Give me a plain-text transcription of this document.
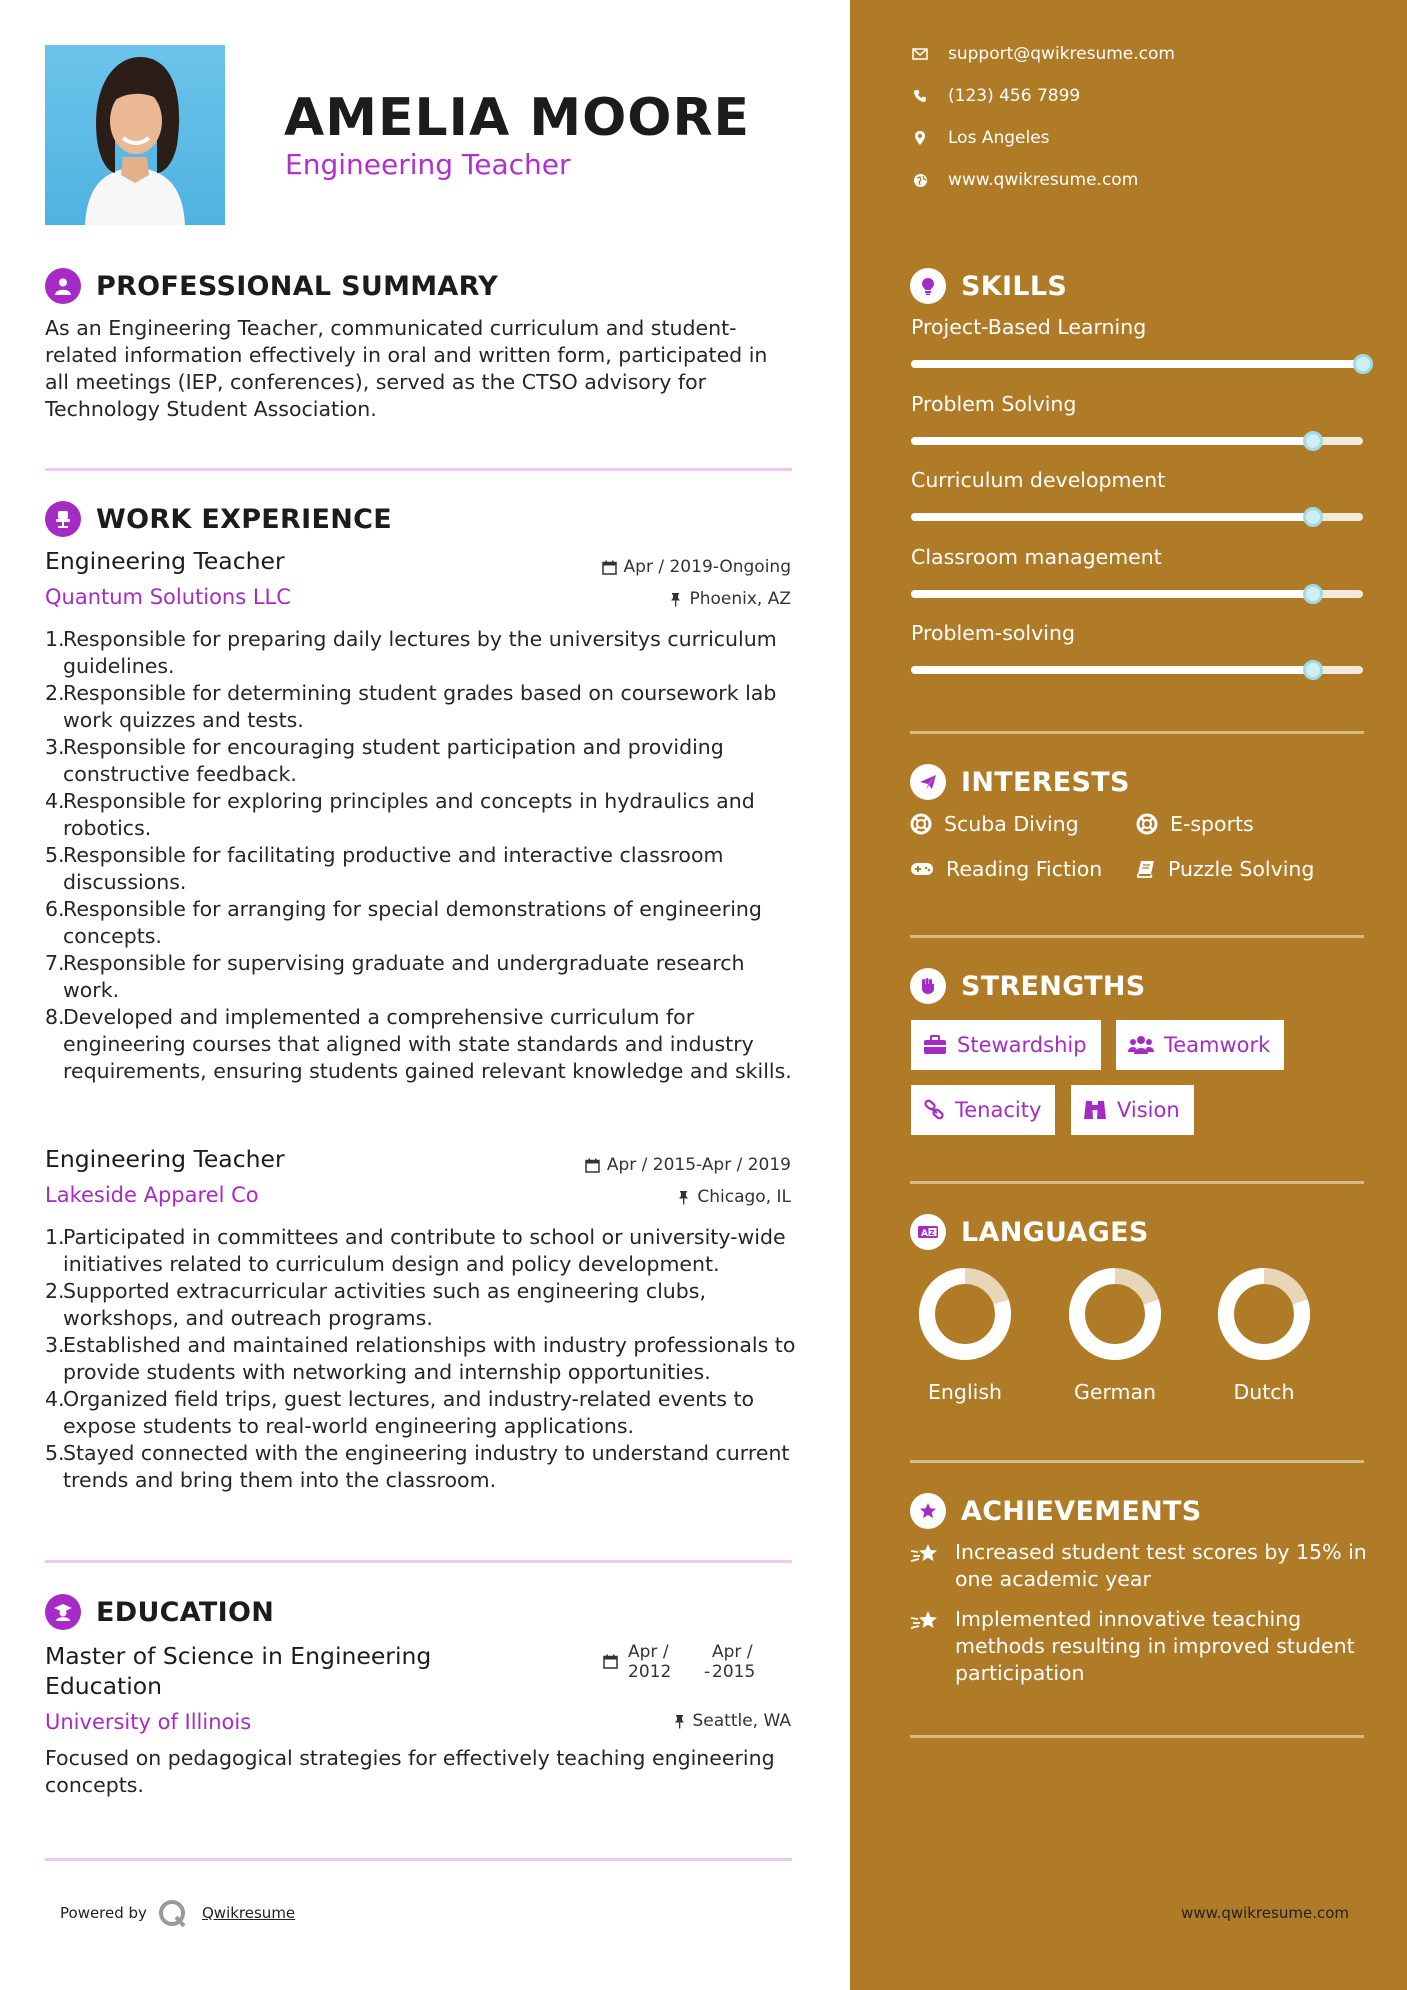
AMELIA MOORE
Engineering Teacher
PROFESSIONAL SUMMARY
As an Engineering Teacher, communicated curriculum and student-related information effectively in oral and written form, participated in all meetings (IEP, conferences), served as the CTSO advisory for Technology Student Association.
WORK EXPERIENCE
Engineering Teacher
Quantum Solutions LLC
Apr / 2019-Ongoing
Phoenix, AZ
1.
Responsible for preparing daily lectures by the universitys curriculum guidelines.
2.
Responsible for determining student grades based on coursework lab work quizzes and tests.
3.
Responsible for encouraging student participation and providing constructive feedback.
4.
Responsible for exploring principles and concepts in hydraulics and robotics.
5.
Responsible for facilitating productive and interactive classroom discussions.
6.
Responsible for arranging for special demonstrations of engineering concepts.
7.
Responsible for supervising graduate and undergraduate research work.
8.
Developed and implemented a comprehensive curriculum for engineering courses that aligned with state standards and industry requirements, ensuring students gained relevant knowledge and skills.
Engineering Teacher
Lakeside Apparel Co
Apr / 2015-Apr / 2019
Chicago, IL
1.
Participated in committees and contribute to school or university-wide initiatives related to curriculum design and policy development.
2.
Supported extracurricular activities such as engineering clubs, workshops, and outreach programs.
3.
Established and maintained relationships with industry professionals to provide students with networking and internship opportunities.
4.
Organized field trips, guest lectures, and industry-related events to expose students to real-world engineering applications.
5.
Stayed connected with the engineering industry to understand current trends and bring them into the classroom.
EDUCATION
Master of Science in Engineering Education
University of Illinois
Apr /
2012
-
Apr /
2015
Seattle, WA
Focused on pedagogical strategies for effectively teaching engineering concepts.
Powered by	Qwikresume
support@qwikresume.com
(123) 456 7899
Los Angeles
www.qwikresume.com
SKILLS
Project-Based Learning
Problem Solving
Curriculum development
Classroom management
Problem-solving
INTERESTS
Scuba Diving	E-sports
Reading Fiction	Puzzle Solving
STRENGTHS
Stewardship	Teamwork
Tenacity	Vision
A Z LANGUAGES
English	German	Dutch
ACHIEVEMENTS
Increased student test scores by 15% in one academic year
Implemented innovative teaching methods resulting in improved student participation
www.qwikresume.com
